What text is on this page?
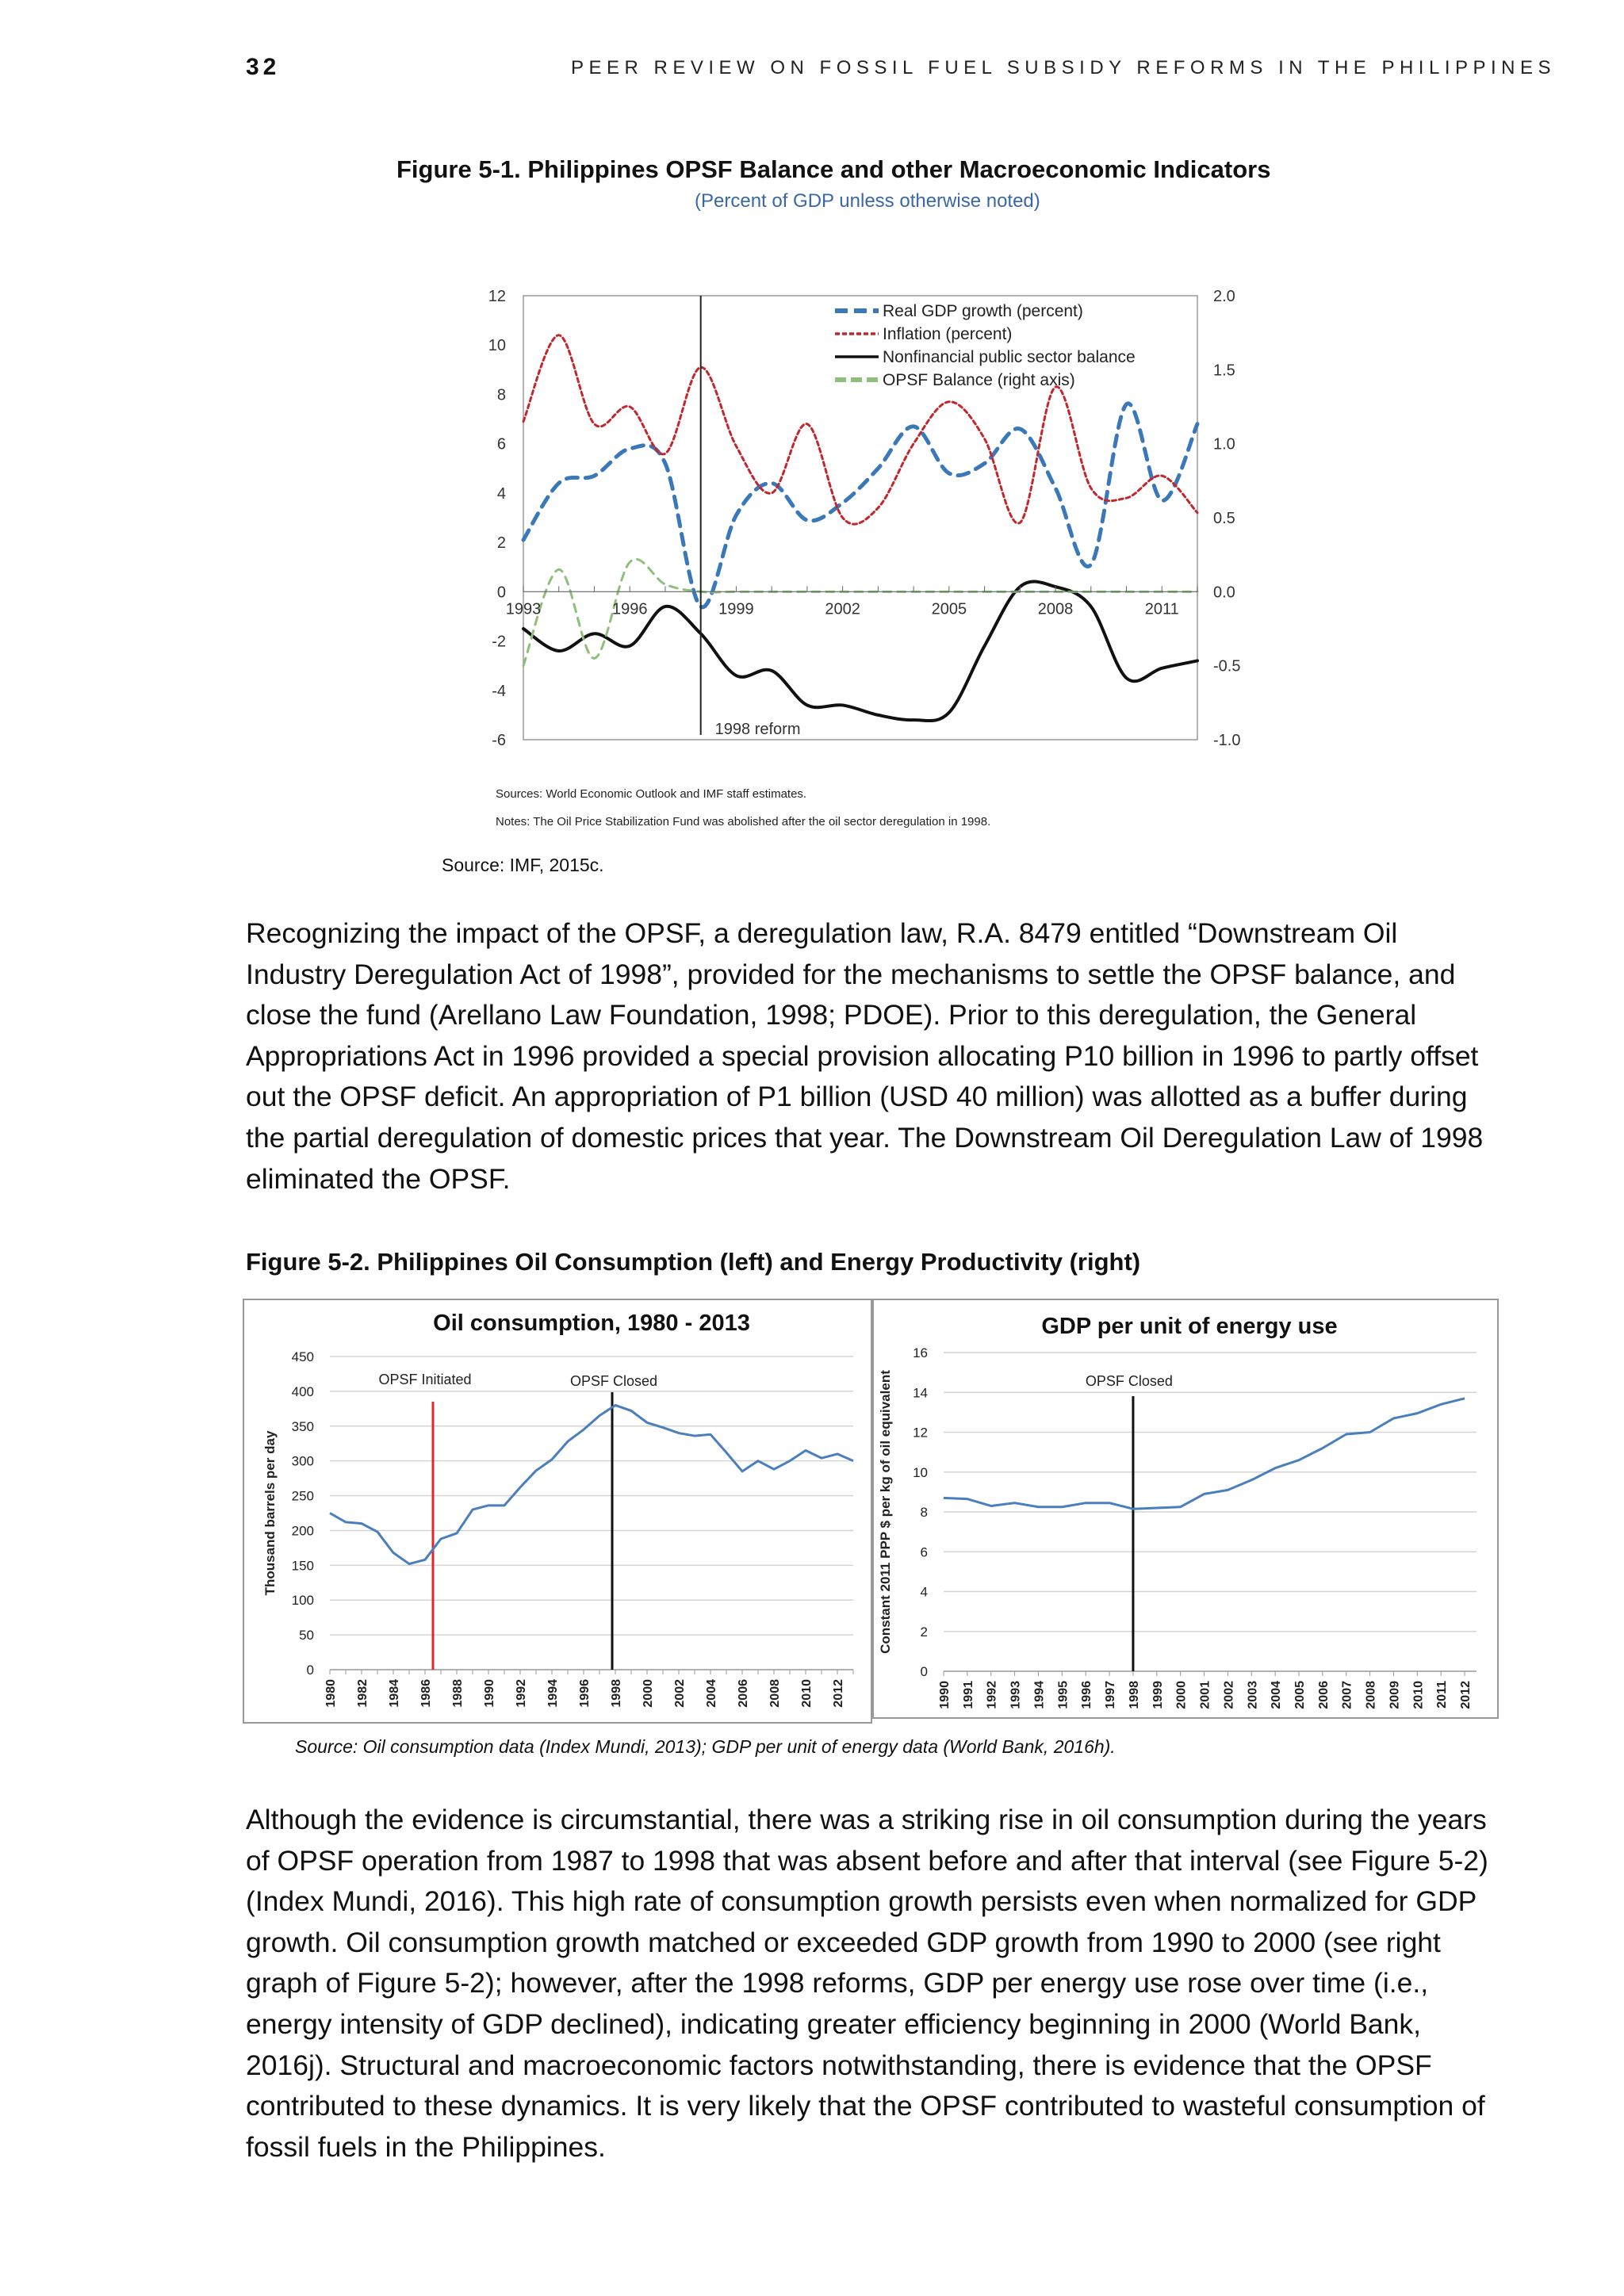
32	PEER REVIEW ON FOSSIL FUEL SUBSIDY REFORMS IN THE PHILIPPINES
Figure 5-1. Philippines OPSF Balance and other Macroeconomic Indicators
(Percent of GDP unless otherwise noted)
12
10
8
6
4
2
0
-2
-4
-6
2.0
1.5
1.0
0.5
0.0
-0.5
-1.0
1993	1996	1999	2002	2005	2008	2011
1998 reform
Real GDP growth (percent)
Inflation (percent)
Nonfinancial public sector balance
OPSF Balance (right axis)
Sources: World Economic Outlook and IMF staff estimates.
Notes: The Oil Price Stabilization Fund was abolished after the oil sector deregulation in 1998.
Source: IMF, 2015c.
Recognizing the impact of the OPSF, a deregulation law, R.A. 8479 entitled “Downstream Oil Industry Deregulation Act of 1998”, provided for the mechanisms to settle the OPSF balance, and close the fund (Arellano Law Foundation, 1998; PDOE). Prior to this deregulation, the General Appropriations Act in 1996 provided a special provision allocating P10 billion in 1996 to partly offset out the OPSF deficit. An appropriation of P1 billion (USD 40 million) was allotted as a buffer during the partial deregulation of domestic prices that year. The Downstream Oil Deregulation Law of 1998 eliminated the OPSF.
Figure 5-2. Philippines Oil Consumption (left) and Energy Productivity (right)
Oil consumption, 1980 - 2013
0
50
100
150
200
250
300
350
400
450
1980 1982 1984 1986 1988 1990 1992 1994 1996 1998 2000 2002 2004 2006 2008 2010 2012
Thousand barrels per day
OPSF Initiated	OPSF Closed
GDP per unit of energy use
0
2
4
6
8
10
12
14
16
1990 1991 1992 1993 1994 1995 1996 1997 1998 1999 2000 2001 2002 2003 2004 2005 2006 2007 2008 2009 2010 2011 2012
Constant 2011 PPP $ per kg of oil equivalent	OPSF Closed
Source: Oil consumption data (Index Mundi, 2013); GDP per unit of energy data (World Bank, 2016h).
Although the evidence is circumstantial, there was a striking rise in oil consumption during the years of OPSF operation from 1987 to 1998 that was absent before and after that interval (see Figure 5-2) (Index Mundi, 2016). This high rate of consumption growth persists even when normalized for GDP growth. Oil consumption growth matched or exceeded GDP growth from 1990 to 2000 (see right graph of Figure 5-2); however, after the 1998 reforms, GDP per energy use rose over time (i.e., energy intensity of GDP declined), indicating greater efficiency beginning in 2000 (World Bank, 2016j). Structural and macroeconomic factors notwithstanding, there is evidence that the OPSF contributed to these dynamics. It is very likely that the OPSF contributed to wasteful consumption of fossil fuels in the Philippines.
